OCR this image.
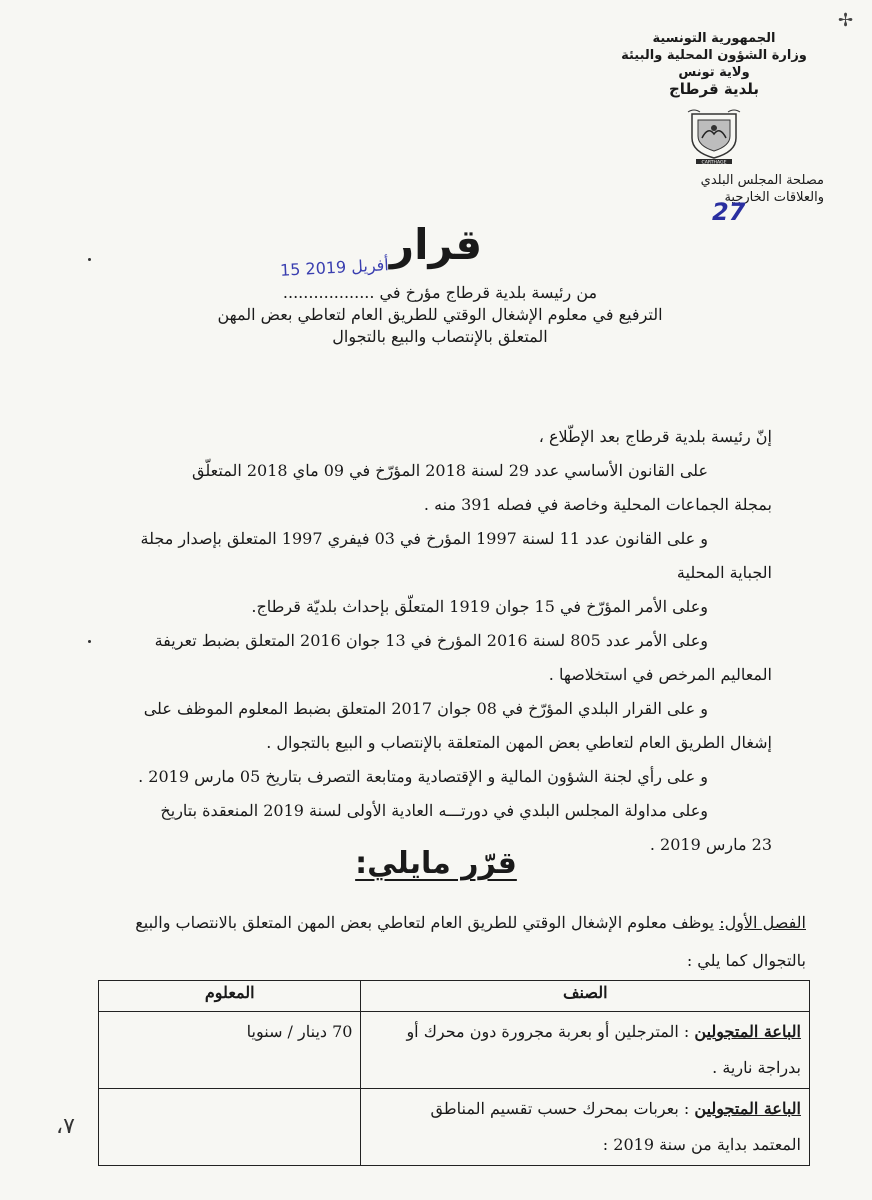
الجمهورية التونسية
وزارة الشؤون المحلية والبيئة
ولاية تونس
بلدية قرطاج
CARTHAGE
مصلحة المجلس البلدي
والعلاقات الخارجية
✢
27
قرار
15 أفريل 2019
من رئيسة بلدية قرطاج مؤرخ في ..................
الترفيع في معلوم الإشغال الوقتي للطريق العام لتعاطي بعض المهن
المتعلق بالإنتصاب والبيع بالتجوال

إنّ رئيسة بلدية قرطاج بعد الإطّلاع ،

على القانون الأساسي عدد 29 لسنة 2018 المؤرّخ في 09 ماي 2018 المتعلّق

بمجلة الجماعات المحلية وخاصة في فصله 391 منه .

و على القانون عدد 11 لسنة 1997 المؤرخ في 03 فيفري 1997 المتعلق بإصدار مجلة

الجباية المحلية

وعلى الأمر المؤرّخ في 15 جوان 1919 المتعلّق بإحداث بلديّة قرطاج.

وعلى الأمر عدد 805 لسنة 2016 المؤرخ في 13 جوان 2016 المتعلق بضبط تعريفة

المعاليم المرخص في استخلاصها .

و على القرار البلدي المؤرّخ في 08 جوان 2017 المتعلق بضبط المعلوم الموظف على

إشغال الطريق العام لتعاطي بعض المهن المتعلقة بالإنتصاب و البيع بالتجوال .

و على رأي لجنة الشؤون المالية و الإقتصادية ومتابعة التصرف بتاريخ 05 مارس 2019 .

وعلى مداولة المجلس البلدي في دورتـــه العادية الأولى لسنة 2019 المنعقدة بتاريخ

23 مارس 2019 .

قرّر مايلي:

الفصل الأول: يوظف معلوم الإشغال الوقتي للطريق العام لتعاطي بعض المهن المتعلق بالانتصاب والبيع

بالتجوال كما يلي :

الصنف	المعلوم

الباعة المتجولين : المترجلين أو بعربة مجرورة دون محرك أو
بدراجة نارية .	70 دينار / سنويا

الباعة المتجولين : بعربات بمحرك حسب تقسيم المناطق
المعتمد بداية من سنة 2019 :	

٧،
